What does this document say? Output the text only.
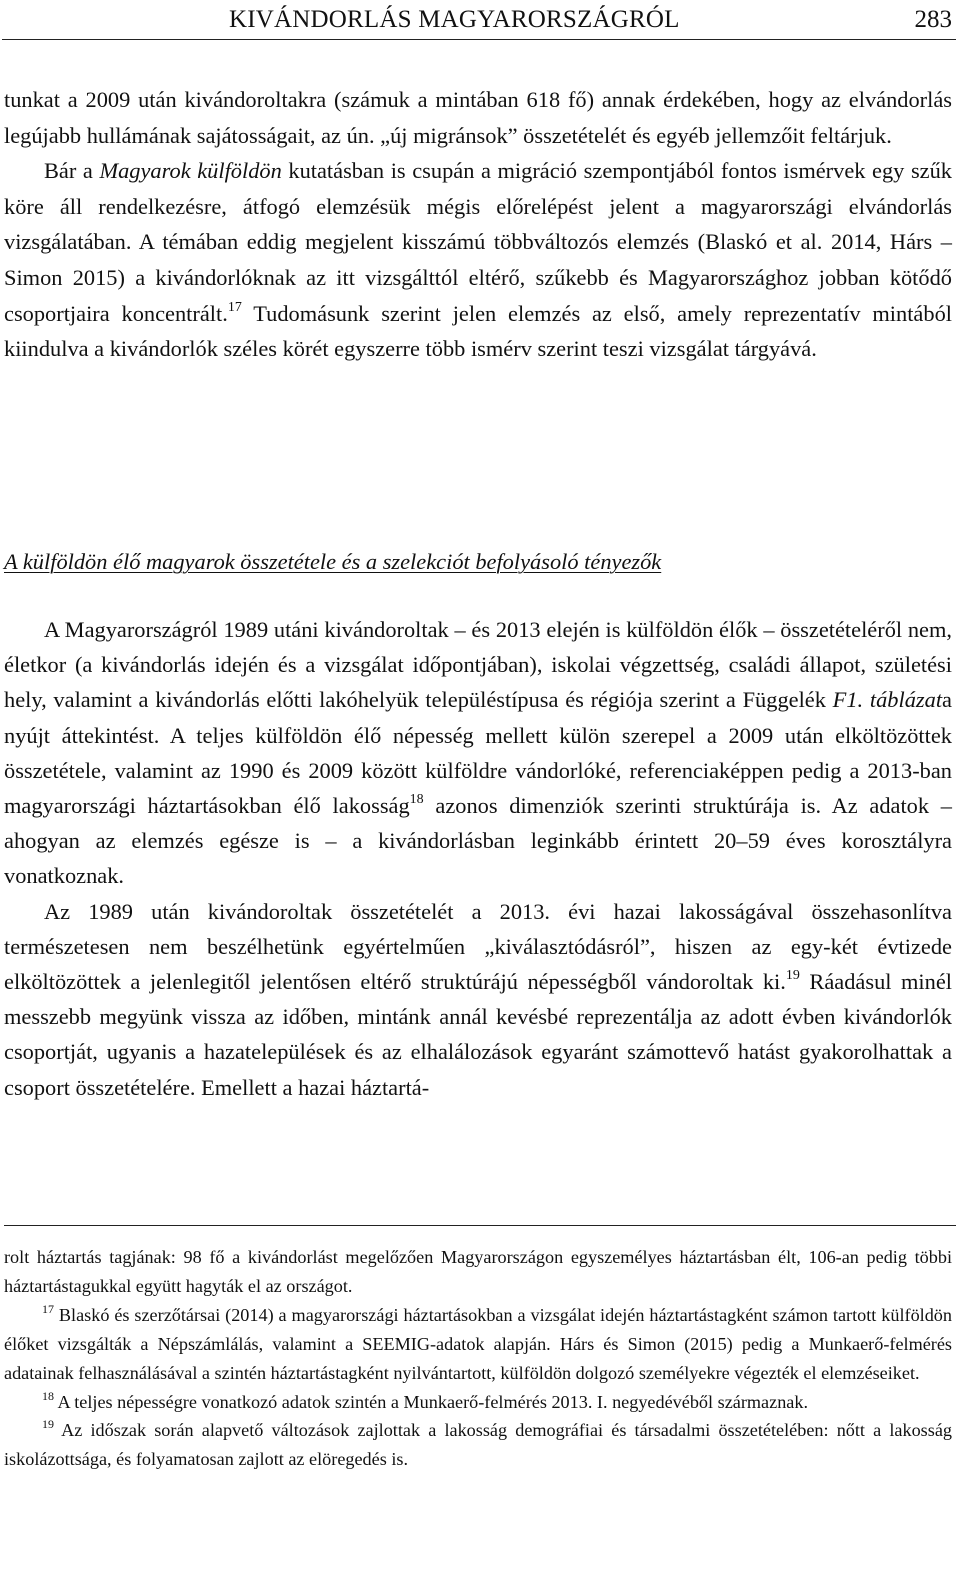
KIVÁNDORLÁS MAGYARORSZÁGRÓL	283

tunkat a 2009 után kivándoroltakra (számuk a mintában 618 fő) annak érdekében, hogy az elvándorlás legújabb hullámának sajátosságait, az ún. „új migránsok” összetételét és egyéb jellemzőit feltárjuk.

Bár a Magyarok külföldön kutatásban is csupán a migráció szempontjából fontos ismérvek egy szűk köre áll rendelkezésre, átfogó elemzésük mégis előrelépést jelent a magyarországi elvándorlás vizsgálatában. A témában eddig megjelent kisszámú többváltozós elemzés (Blaskó et al. 2014, Hárs – Simon 2015) a kivándorlóknak az itt vizsgálttól eltérő, szűkebb és Magyarországhoz jobban kötődő csoportjaira koncentrált.$^{17}$ Tudomásunk szerint jelen elemzés az első, amely reprezentatív mintából kiindulva a kivándorlók széles körét egyszerre több ismérv szerint teszi vizsgálat tárgyává.

A külföldön élő magyarok összetétele és a szelekciót befolyásoló tényezők

A Magyarországról 1989 utáni kivándoroltak – és 2013 elején is külföldön élők – összetételéről nem, életkor (a kivándorlás idején és a vizsgálat időpontjában), iskolai végzettség, családi állapot, születési hely, valamint a kivándorlás előtti lakóhelyük településtípusa és régiója szerint a Függelék F1. táblázata nyújt áttekintést. A teljes külföldön élő népesség mellett külön szerepel a 2009 után elköltözöttek összetétele, valamint az 1990 és 2009 között külföldre vándorlóké, referenciaképpen pedig a 2013-ban magyarországi háztartásokban élő lakosság$^{18}$ azonos dimenziók szerinti struktúrája is. Az adatok – ahogyan az elemzés egésze is – a kivándorlásban leginkább érintett 20–59 éves korosztályra vonatkoznak.

Az 1989 után kivándoroltak összetételét a 2013. évi hazai lakosságával összehasonlítva természetesen nem beszélhetünk egyértelműen „kiválasztódásról”, hiszen az egy-két évtizede elköltözöttek a jelenlegitől jelentősen eltérő struktúrájú népességből vándoroltak ki.$^{19}$ Ráadásul minél messzebb megyünk vissza az időben, mintánk annál kevésbé reprezentálja az adott évben kivándorlók csoportját, ugyanis a hazatelepülések és az elhalálozások egyaránt számottevő hatást gyakorolhattak a csoport összetételére. Emellett a hazai háztartá-

rolt háztartás tagjának: 98 fő a kivándorlást megelőzően Magyarországon egyszemélyes háztartásban élt, 106-an pedig többi háztartástagukkal együtt hagyták el az országot.

$^{17}$ Blaskó és szerzőtársai (2014) a magyarországi háztartásokban a vizsgálat idején háztartástagként számon tartott külföldön élőket vizsgálták a Népszámlálás, valamint a SEEMIG-adatok alapján. Hárs és Simon (2015) pedig a Munkaerő-felmérés adatainak felhasználásával a szintén háztartástagként nyilvántartott, külföldön dolgozó személyekre végezték el elemzéseiket.

$^{18}$ A teljes népességre vonatkozó adatok szintén a Munkaerő-felmérés 2013. I. negyedévéből származnak.

$^{19}$ Az időszak során alapvető változások zajlottak a lakosság demográfiai és társadalmi összetételében: nőtt a lakosság iskolázottsága, és folyamatosan zajlott az elöregedés is.
